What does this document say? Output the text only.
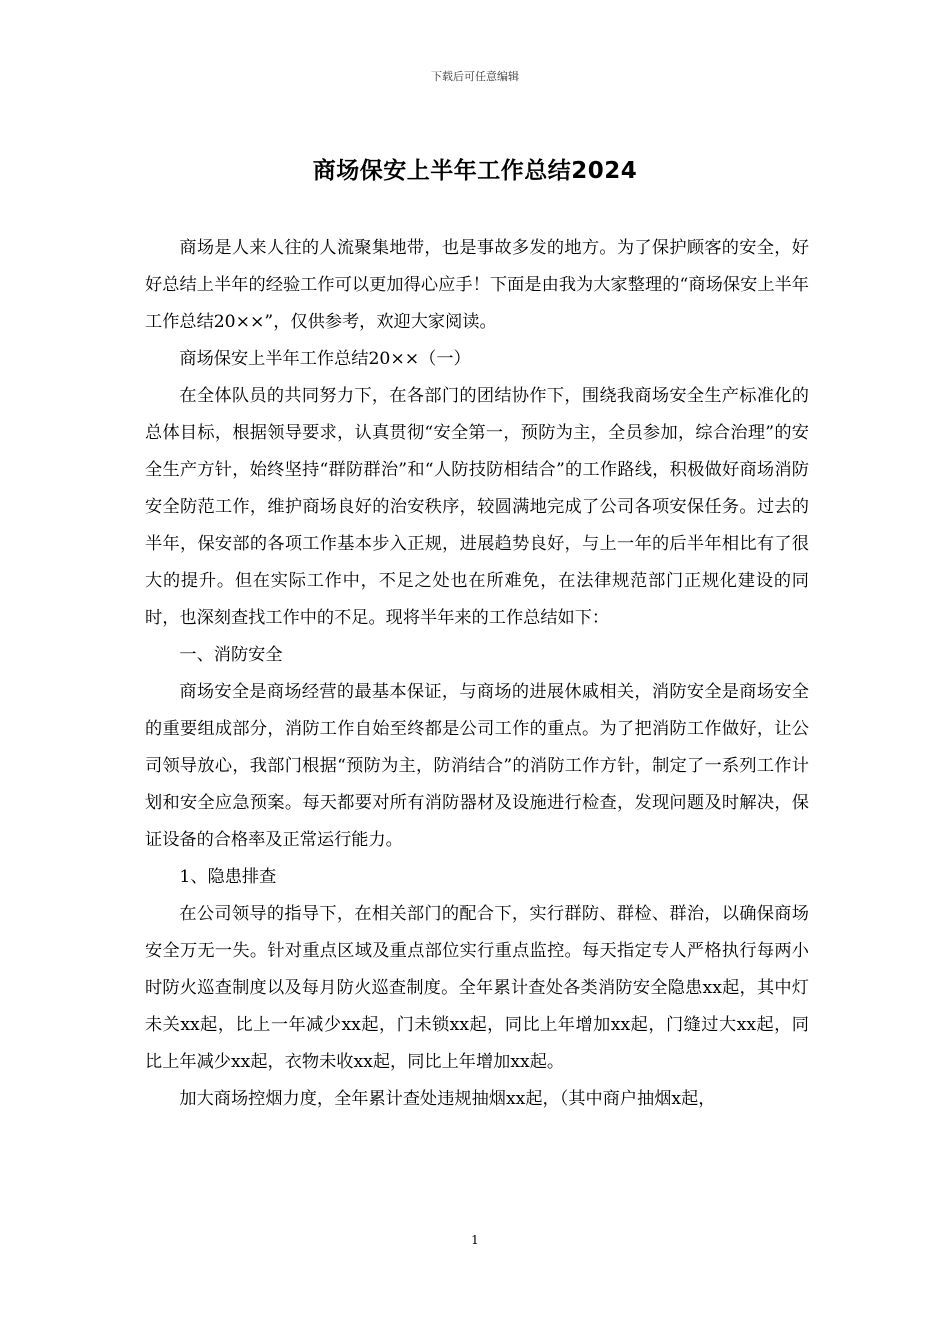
下载后可任意编辑
商场保安上半年工作总结2024

商场是人来人往的人流聚集地带，也是事故多发的地方。为了保护顾客的安全，好好总结上半年的经验工作可以更加得心应手！下面是由我为大家整理的“商场保安上半年工作总结20××”，仅供参考，欢迎大家阅读。

商场保安上半年工作总结20××（一）

在全体队员的共同努力下，在各部门的团结协作下，围绕我商场安全生产标准化的总体目标，根据领导要求，认真贯彻“安全第一，预防为主，全员参加，综合治理”的安全生产方针，始终坚持“群防群治”和“人防技防相结合”的工作路线，积极做好商场消防安全防范工作，维护商场良好的治安秩序，较圆满地完成了公司各项安保任务。过去的半年，保安部的各项工作基本步入正规，进展趋势良好，与上一年的后半年相比有了很大的提升。但在实际工作中，不足之处也在所难免，在法律规范部门正规化建设的同时，也深刻查找工作中的不足。现将半年来的工作总结如下：

一、消防安全

商场安全是商场经营的最基本保证，与商场的进展休戚相关，消防安全是商场安全的重要组成部分，消防工作自始至终都是公司工作的重点。为了把消防工作做好，让公司领导放心，我部门根据“预防为主，防消结合”的消防工作方针，制定了一系列工作计划和安全应急预案。每天都要对所有消防器材及设施进行检查，发现问题及时解决，保证设备的合格率及正常运行能力。

1、隐患排查

在公司领导的指导下，在相关部门的配合下，实行群防、群检、群治，以确保商场安全万无一失。针对重点区域及重点部位实行重点监控。每天指定专人严格执行每两小时防火巡查制度以及每月防火巡查制度。全年累计查处各类消防安全隐患xx起，其中灯未关xx起，比上一年减少xx起，门未锁xx起，同比上年增加xx起，门缝过大xx起，同比上年减少xx起，衣物未收xx起，同比上年增加xx起。

加大商场控烟力度，全年累计查处违规抽烟xx起，（其中商户抽烟x起，

1
